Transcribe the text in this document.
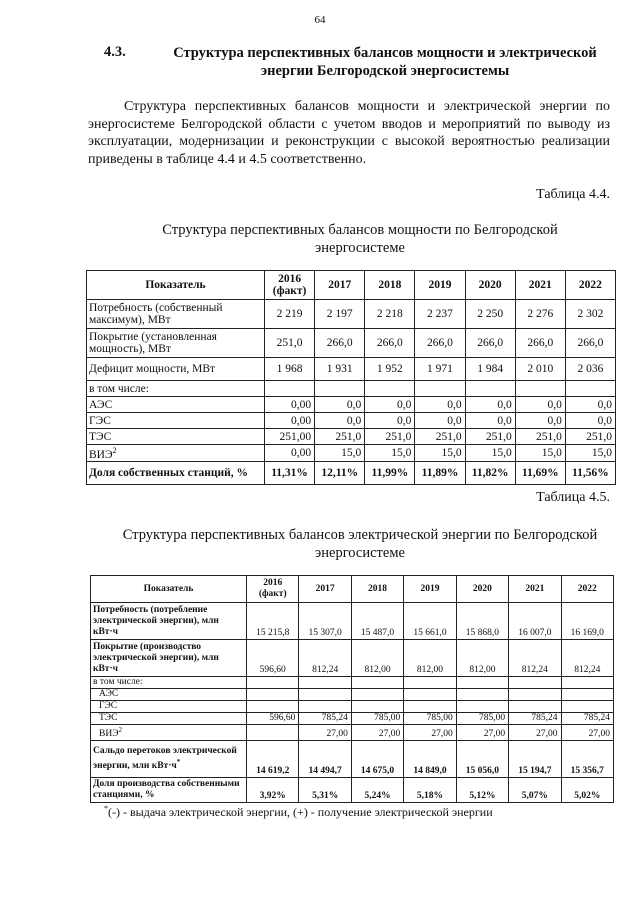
64
4.3.	Структура перспективных балансов мощности и электрической энергии Белгородской энергосистемы
Структура перспективных балансов мощности и электрической энергии по энергосистеме Белгородской области с учетом вводов и мероприятий по выводу из эксплуатации, модернизации и реконструкции с высокой вероятностью реализации приведены в таблице 4.4 и 4.5 соответственно.
Таблица 4.4.
Структура перспективных балансов мощности по Белгородской энергосистеме
Показатель	2016 (факт)	2017	2018	2019	2020	2021	2022
Потребность (собственный максимум), МВт	2 219	2 197	2 218	2 237	2 250	2 276	2 302
Покрытие (установленная мощность), МВт	251,0	266,0	266,0	266,0	266,0	266,0	266,0
Дефицит мощности, МВт	1 968	1 931	1 952	1 971	1 984	2 010	2 036
в том числе:							
АЭС	0,00	0,0	0,0	0,0	0,0	0,0	0,0
ГЭС	0,00	0,0	0,0	0,0	0,0	0,0	0,0
ТЭС	251,00	251,0	251,0	251,0	251,0	251,0	251,0
ВИЭ$^2$	0,00	15,0	15,0	15,0	15,0	15,0	15,0
Доля собственных станций, %	11,31%	12,11%	11,99%	11,89%	11,82%	11,69%	11,56%
Таблица 4.5.
Структура перспективных балансов электрической энергии по Белгородской энергосистеме
Показатель	2016 (факт)	2017	2018	2019	2020	2021	2022
Потребность (потребление электрической энергии), млн кВт·ч	15 215,8	15 307,0	15 487,0	15 661,0	15 868,0	16 007,0	16 169,0
Покрытие (производство электрической энергии), млн кВт·ч	596,60	812,24	812,00	812,00	812,00	812,24	812,24
в том числе:							
АЭС							
ГЭС							
ТЭС	596,60	785,24	785,00	785,00	785,00	785,24	785,24
ВИЭ$^2$		27,00	27,00	27,00	27,00	27,00	27,00
Сальдо перетоков электрической энергии, млн кВт·ч*	14 619,2	14 494,7	14 675,0	14 849,0	15 056,0	15 194,7	15 356,7
Доля производства собственными станциями, %	3,92%	5,31%	5,24%	5,18%	5,12%	5,07%	5,02%
*(-) - выдача электрической энергии, (+) - получение электрической энергии
